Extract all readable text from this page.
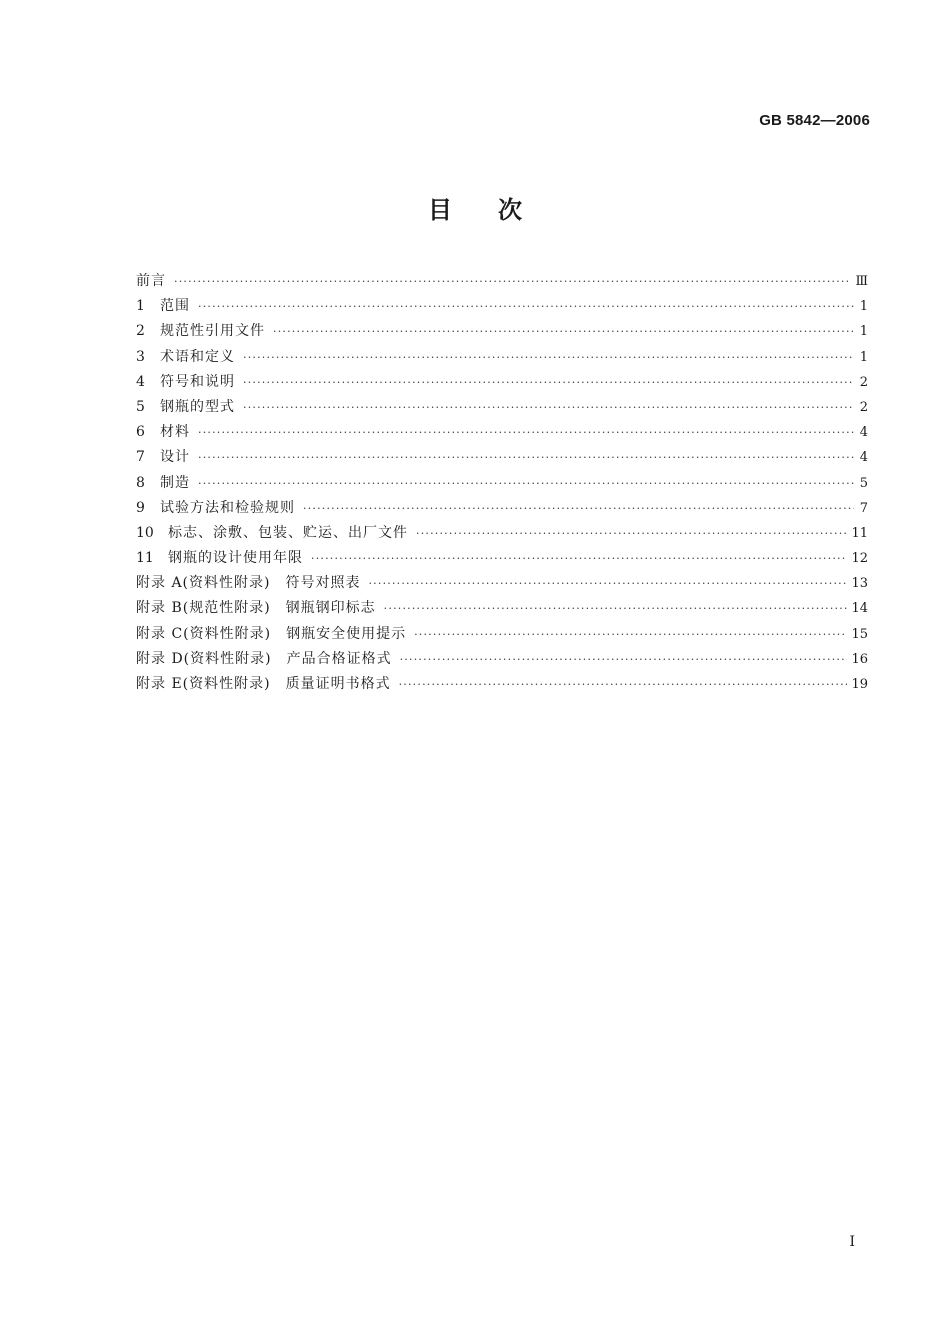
GB 5842—2006
目次
前言 ·····	Ⅲ
1	范围 ·····	1
2	规范性引用文件 ·····	1
3	术语和定义 ·····	1
4	符号和说明 ·····	2
5	钢瓶的型式 ·····	2
6	材料 ·····	4
7	设计 ·····	4
8	制造 ·····	5
9	试验方法和检验规则 ·····	7
10	标志、涂敷、包装、贮运、出厂文件 ·····	11
11	钢瓶的设计使用年限 ·····	12
附录 A(资料性附录)　符号对照表 ·····	13
附录 B(规范性附录)　钢瓶钢印标志 ·····	14
附录 C(资料性附录)　钢瓶安全使用提示 ·····	15
附录 D(资料性附录)　产品合格证格式 ·····	16
附录 E(资料性附录)　质量证明书格式 ·····	19
Ⅰ
